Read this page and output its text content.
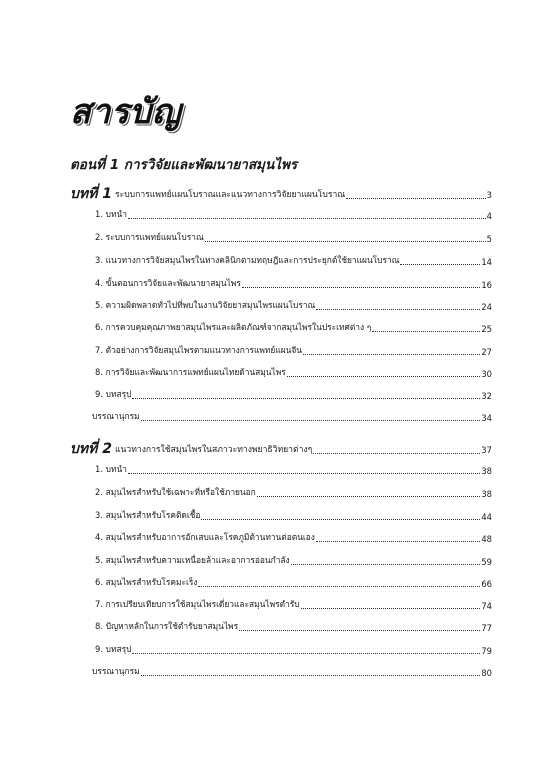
สารบัญ
ตอนที่ 1 การวิจัยและพัฒนายาสมุนไพร
บทที่ 1 ระบบการแพทย์แผนโบราณและแนวทางการวิจัยยาแผนโบราณ	3
1. บทนำ	4
2. ระบบการแพทย์แผนโบราณ	5
3. แนวทางการวิจัยสมุนไพรในทางคลินิกตามทฤษฎีและการประยุกต์ใช้ยาแผนโบราณ	14
4. ขั้นตอนการวิจัยและพัฒนายาสมุนไพร	16
5. ความผิดพลาดทั่วไปที่พบในงานวิจัยยาสมุนไพรแผนโบราณ	24
6. การควบคุมคุณภาพยาสมุนไพรและผลิตภัณฑ์จากสมุนไพรในประเทศต่าง ๆ	25
7. ตัวอย่างการวิจัยสมุนไพรตามแนวทางการแพทย์แผนจีน	27
8. การวิจัยและพัฒนาการแพทย์แผนไทยด้านสมุนไพร	30
9. บทสรุป	32
บรรณานุกรม	34
บทที่ 2 แนวทางการใช้สมุนไพรในสภาวะทางพยาธิวิทยาต่างๆ	37
1. บทนำ	38
2. สมุนไพรสำหรับใช้เฉพาะที่หรือใช้ภายนอก	38
3. สมุนไพรสำหรับโรคติดเชื้อ	44
4. สมุนไพรสำหรับอาการอักเสบและโรคภูมิต้านทานต่อตนเอง	48
5. สมุนไพรสำหรับความเหนื่อยล้าและอาการอ่อนกำลัง	59
6. สมุนไพรสำหรับโรคมะเร็ง	66
7. การเปรียบเทียบการใช้สมุนไพรเดี่ยวและสมุนไพรตำรับ	74
8. ปัญหาหลักในการใช้ตำรับยาสมุนไพร	77
9. บทสรุป	79
บรรณานุกรม	80
